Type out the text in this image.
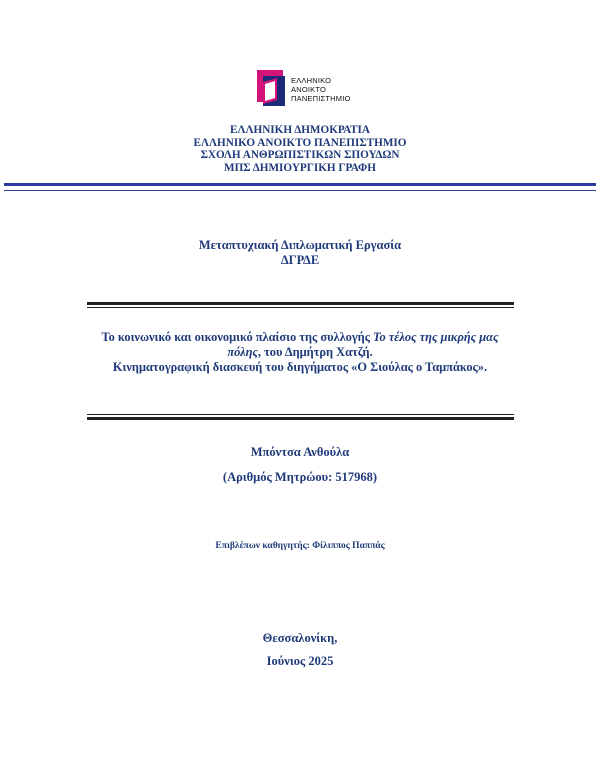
ΕΛΛΗΝΙΚΟ
ΑΝΟΙΚΤΟ
ΠΑΝΕΠΙΣΤΗΜΙΟ
ΕΛΛΗΝΙΚΗ ΔΗΜΟΚΡΑΤΙΑ
ΕΛΛΗΝΙΚΟ ΑΝΟΙΚΤΟ ΠΑΝΕΠΙΣΤΗΜΙΟ
ΣΧΟΛΗ ΑΝΘΡΩΠΙΣΤΙΚΩΝ ΣΠΟΥΔΩΝ
ΜΠΣ ΔΗΜΙΟΥΡΓΙΚΗ ΓΡΑΦΗ
Μεταπτυχιακή Διπλωματική Εργασία
ΔΓΡΔΕ
Το κοινωνικό και οικονομικό πλαίσιο της συλλογής Το τέλος της μικρής μας πόλης, του Δημήτρη Χατζή.
Κινηματογραφική διασκευή του διηγήματος «Ο Σιούλας ο Ταμπάκος».
Μπόντσα Ανθούλα
(Αριθμός Μητρώου: 517968)
Επιβλέπων καθηγητής: Φίλιππος Παππάς
Θεσσαλονίκη,
Ιούνιος 2025
